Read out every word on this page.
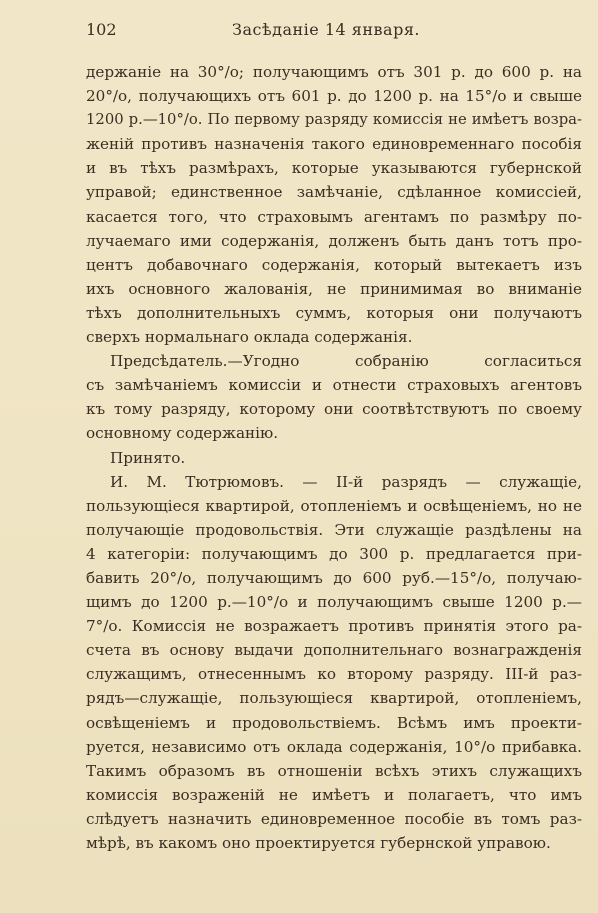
102	Засѣданіе 14 января.
держаніе на 30°/о; получающимъ отъ 301 р. до 600 р. на
20°/о, получающихъ отъ 601 р. до 1200 р. на 15°/о и свыше
1200 р.—10°/о. По первому разряду комиссія не имѣетъ возра-
женій противъ назначенія такого единовременнаго пособія
и въ тѣхъ размѣрахъ, которые указываются губернской
управой; единственное замѣчаніе, сдѣланное комиссіей,
касается того, что страховымъ агентамъ по размѣру по-
лучаемаго ими содержанія, долженъ быть данъ тотъ про-
центъ добавочнаго содержанія, который вытекаетъ изъ
ихъ основного жалованія, не принимимая во вниманіе
тѣхъ дополнительныхъ суммъ, которыя они получаютъ
сверхъ нормальнаго оклада содержанія.
Предсѣдатель.—Угодно собранію согласиться
съ замѣчаніемъ комиссіи и отнести страховыхъ агентовъ
къ тому разряду, которому они соотвѣтствуютъ по своему
основному содержанію.
Принято.
И. М. Тютрюмовъ. — II-й разрядъ — служащіе,
пользующіеся квартирой, отопленіемъ и освѣщеніемъ, но не
получающіе продовольствія. Эти служащіе раздѣлены на
4 категоріи: получающимъ до 300 р. предлагается при-
бавить 20°/о, получающимъ до 600 руб.—15°/о, получаю-
щимъ до 1200 р.—10°/о и получающимъ свыше 1200 р.—
7°/о. Комиссія не возражаетъ противъ принятія этого ра-
счета въ основу выдачи дополнительнаго вознагражденія
служащимъ, отнесеннымъ ко второму разряду. III-й раз-
рядъ—служащіе, пользующіеся квартирой, отопленіемъ,
освѣщеніемъ и продовольствіемъ. Всѣмъ имъ проекти-
руется, независимо отъ оклада содержанія, 10°/о прибавка.
Такимъ образомъ въ отношеніи всѣхъ этихъ служащихъ
комиссія возраженій не имѣетъ и полагаетъ, что имъ
слѣдуетъ назначить единовременное пособіе въ томъ раз-
мѣрѣ, въ какомъ оно проектируется губернской управою.
